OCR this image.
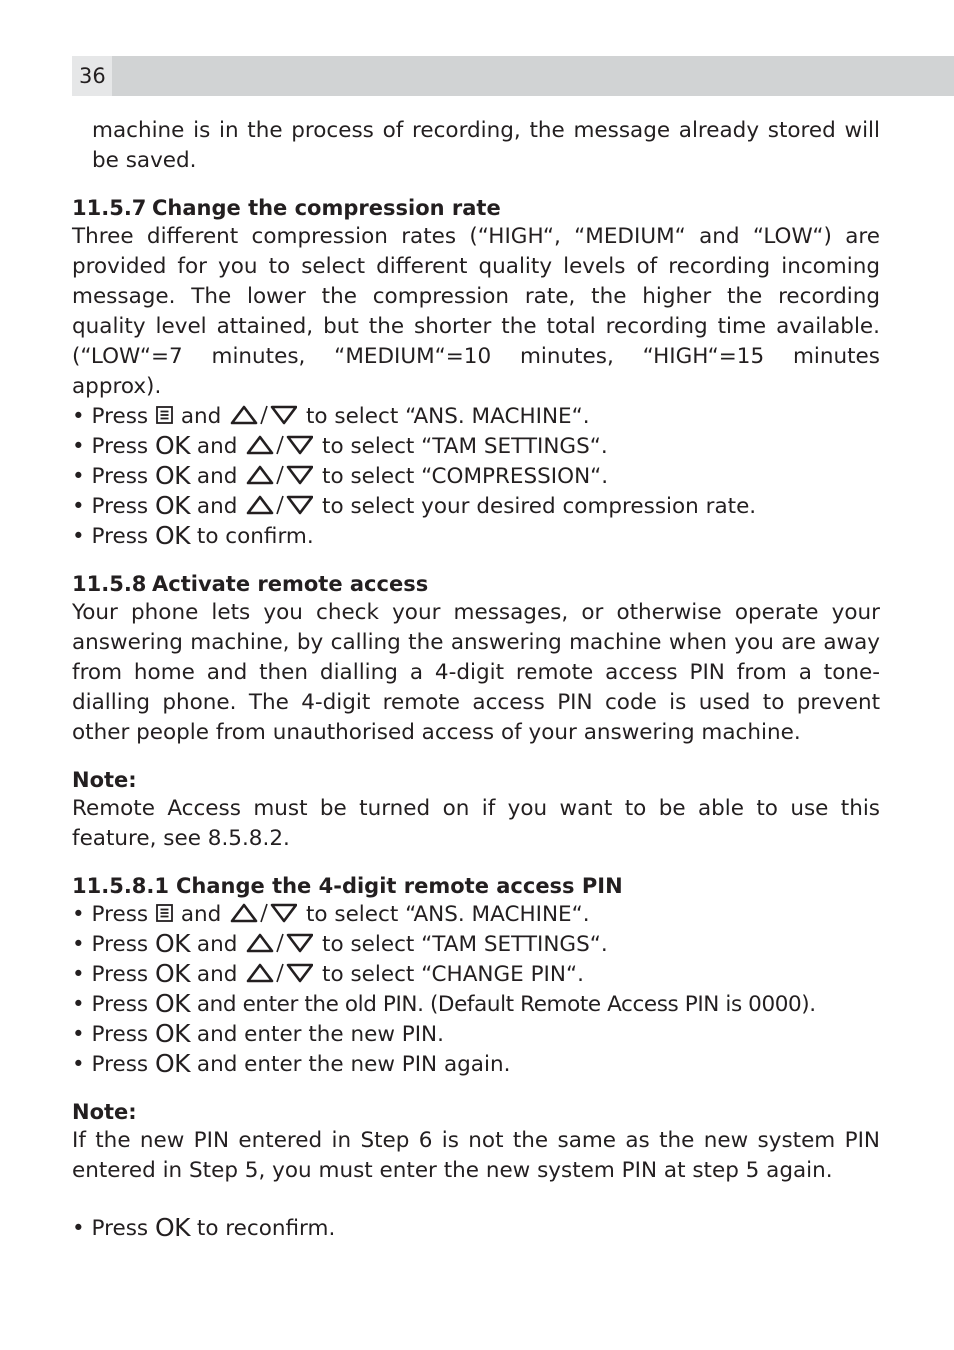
36

machine is in the process of recording, the message already stored will be saved.

11.5.7 Change the compression rate

Three different compression rates (“HIGH“, “MEDIUM“ and “LOW“) are

provided for you to select different quality levels of recording incoming

message. The lower the compression rate, the higher the recording

quality level attained, but the shorter the total recording time available.

(“LOW“=7 minutes, “MEDIUM“=10 minutes, “HIGH“=15 minutes

approx).

• Press and	to select “ANS. MACHINE“.

• Press OK and	to select “TAM SETTINGS“.

• Press OK and	to select “COMPRESSION“.

• Press OK and	to select your desired compression rate.

• Press OK to confirm.

11.5.8 Activate remote access

Your phone lets you check your messages, or otherwise operate your answering machine, by calling the answering machine when you are away from home and then dialling a 4-digit remote access PIN from a tone-dialling phone. The 4-digit remote access PIN code is used to prevent other people from unauthorised access of your answering machine.

Note:

Remote Access must be turned on if you want to be able to use this feature, see 8.5.8.2.

11.5.8.1 Change the 4-digit remote access PIN

• Press and	to select “ANS. MACHINE“.

• Press OK and	to select “TAM SETTINGS“.

• Press OK and	to select “CHANGE PIN“.

• Press OK and enter the old PIN. (Default Remote Access PIN is 0000).

• Press OK and enter the new PIN.

• Press OK and enter the new PIN again.

Note:

If the new PIN entered in Step 6 is not the same as the new system PIN entered in Step 5, you must enter the new system PIN at step 5 again.

• Press OK to reconfirm.
